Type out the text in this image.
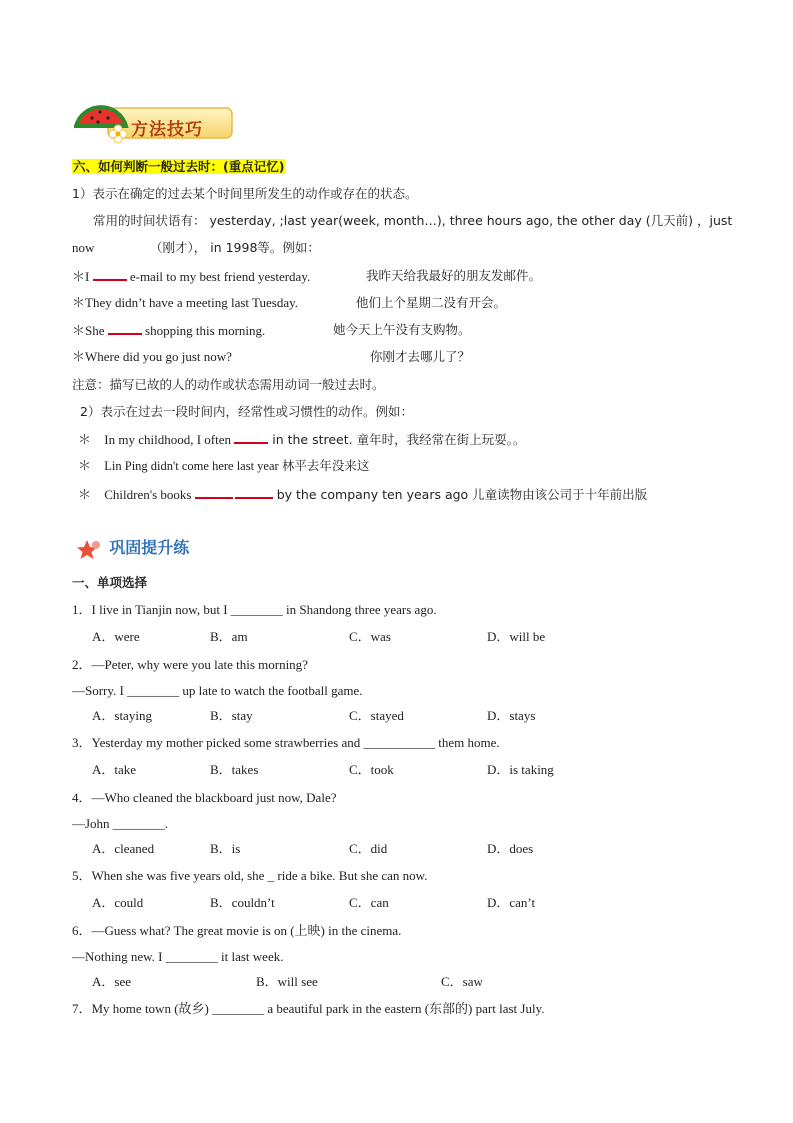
方法技巧
六、如何判断一般过去时：(重点记忆)
1）表示在确定的过去某个时间里所发生的动作或存在的状态。
常用的时间状语有： yesterday, ;last year(week, month…), three hours ago, the other day (几天前) ，just
now	（刚才）， in 1998等。例如：
＊I	e-mail to my best friend yesterday.	我昨天给我最好的朋友发邮件。
＊They didn’t have a meeting last Tuesday.	他们上个星期二没有开会。
＊She	shopping this morning.	她今天上午没有支购物。
＊Where did you go just now?	你刚才去哪儿了？
注意：描写已故的人的动作或状态需用动词一般过去时。
2）表示在过去一段时间内，经常性或习惯性的动作。例如：
＊ In my childhood, I often	in the street. 童年时，我经常在街上玩耍。。
＊ Lin Ping didn't come here last year 林平去年没来这
＊ Children's books	by the company ten years ago 儿童读物由该公司于十年前出版
巩固提升练
一、单项选择
1．I live in Tianjin now, but I ________ in Shandong three years ago.
A．were	B．am	C．was	D．will be
2．—Peter, why were you late this morning?
—Sorry. I ________ up late to watch the football game.
A．staying	B．stay	C．stayed	D．stays
3．Yesterday my mother picked some strawberries and ___________ them home.
A．take	B．takes	C．took	D．is taking
4．—Who cleaned the blackboard just now, Dale?
—John ________.
A．cleaned	B．is	C．did	D．does
5．When she was five years old, she _ ride a bike. But she can now.
A．could	B．couldn’t	C．can	D．can’t
6．—Guess what? The great movie is on (上映) in the cinema.
—Nothing new. I ________ it last week.
A．see	B．will see	C．saw
7．My home town (故乡) ________ a beautiful park in the eastern (东部的) part last July.
